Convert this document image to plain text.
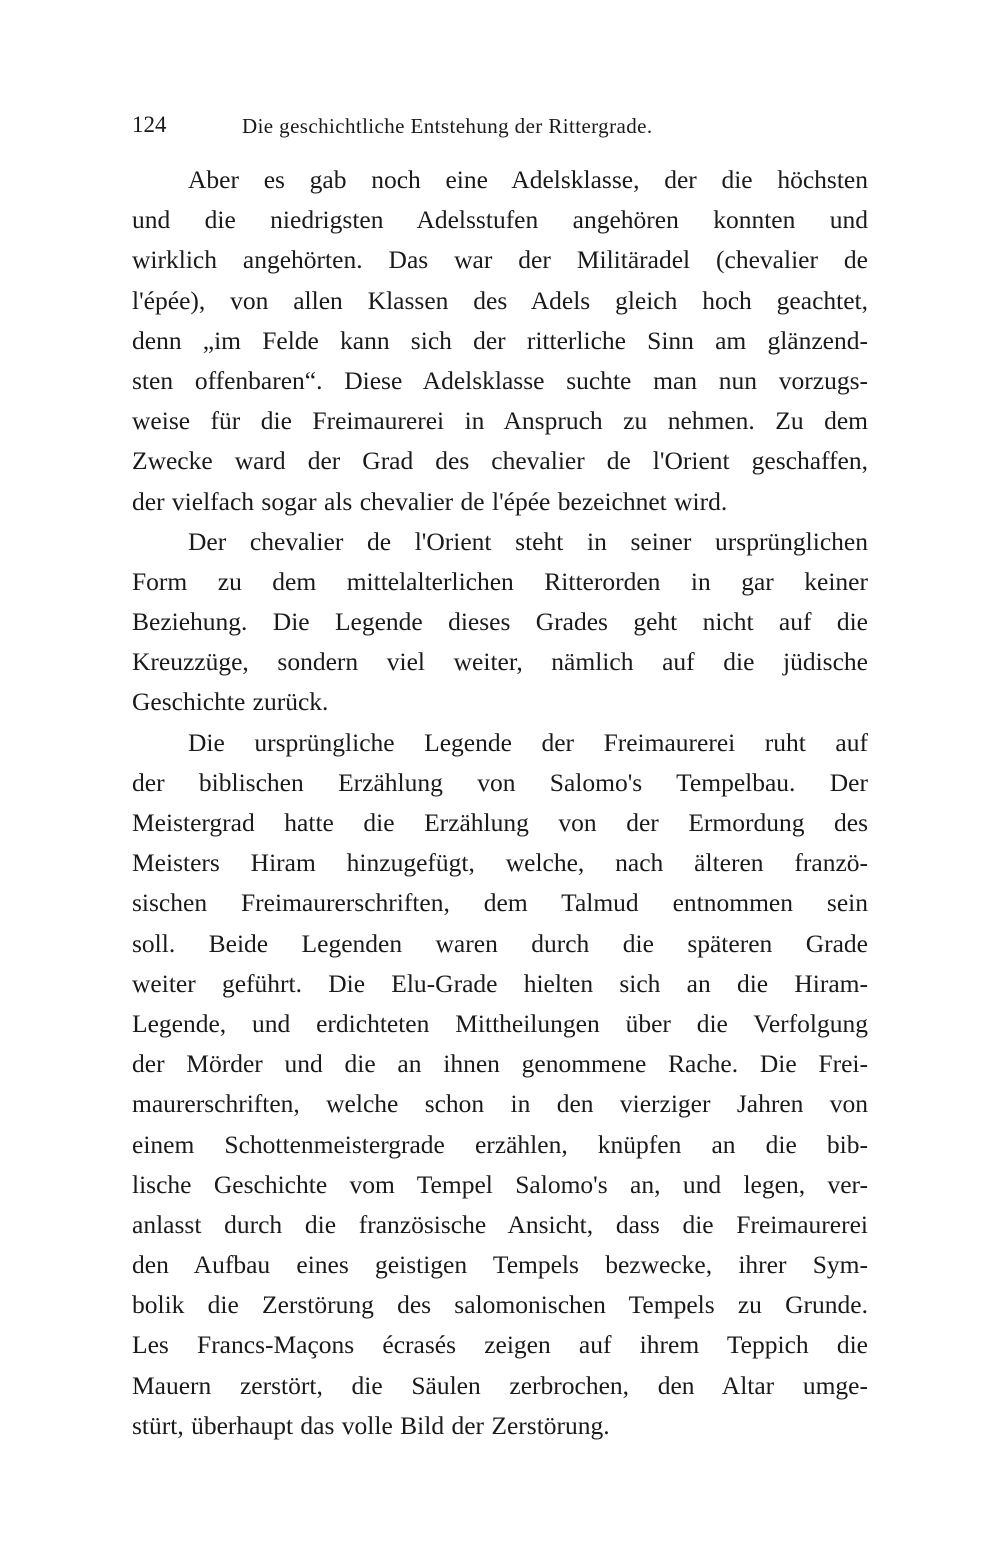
124	Die geschichtliche Entstehung der Rittergrade.
Aber es gab noch eine Adelsklasse, der die höchsten
und die niedrigsten Adelsstufen angehören konnten und
wirklich angehörten. Das war der Militäradel (chevalier de
l'épée), von allen Klassen des Adels gleich hoch geachtet,
denn „im Felde kann sich der ritterliche Sinn am glänzend-
sten offenbaren“. Diese Adelsklasse suchte man nun vorzugs-
weise für die Freimaurerei in Anspruch zu nehmen. Zu dem
Zwecke ward der Grad des chevalier de l'Orient geschaffen,
der vielfach sogar als chevalier de l'épée bezeichnet wird.
Der chevalier de l'Orient steht in seiner ursprünglichen
Form zu dem mittelalterlichen Ritterorden in gar keiner
Beziehung. Die Legende dieses Grades geht nicht auf die
Kreuzzüge, sondern viel weiter, nämlich auf die jüdische
Geschichte zurück.
Die ursprüngliche Legende der Freimaurerei ruht auf
der biblischen Erzählung von Salomo's Tempelbau. Der
Meistergrad hatte die Erzählung von der Ermordung des
Meisters Hiram hinzugefügt, welche, nach älteren franzö-
sischen Freimaurerschriften, dem Talmud entnommen sein
soll. Beide Legenden waren durch die späteren Grade
weiter geführt. Die Elu-Grade hielten sich an die Hiram-
Legende, und erdichteten Mittheilungen über die Verfolgung
der Mörder und die an ihnen genommene Rache. Die Frei-
maurerschriften, welche schon in den vierziger Jahren von
einem Schottenmeistergrade erzählen, knüpfen an die bib-
lische Geschichte vom Tempel Salomo's an, und legen, ver-
anlasst durch die französische Ansicht, dass die Freimaurerei
den Aufbau eines geistigen Tempels bezwecke, ihrer Sym-
bolik die Zerstörung des salomonischen Tempels zu Grunde.
Les Francs-Maçons écrasés zeigen auf ihrem Teppich die
Mauern zerstört, die Säulen zerbrochen, den Altar umge-
stürt, überhaupt das volle Bild der Zerstörung.
